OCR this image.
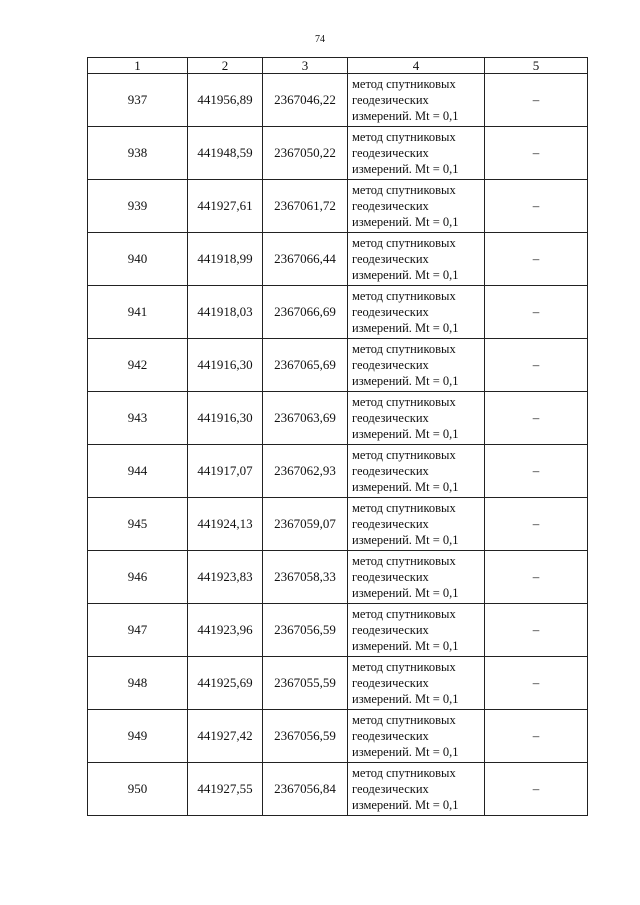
74
1	2	3	4	5
937	441956,89	2367046,22	метод спутниковых
геодезических
измерений. Mt = 0,1	–
938	441948,59	2367050,22	метод спутниковых
геодезических
измерений. Mt = 0,1	–
939	441927,61	2367061,72	метод спутниковых
геодезических
измерений. Mt = 0,1	–
940	441918,99	2367066,44	метод спутниковых
геодезических
измерений. Mt = 0,1	–
941	441918,03	2367066,69	метод спутниковых
геодезических
измерений. Mt = 0,1	–
942	441916,30	2367065,69	метод спутниковых
геодезических
измерений. Mt = 0,1	–
943	441916,30	2367063,69	метод спутниковых
геодезических
измерений. Mt = 0,1	–
944	441917,07	2367062,93	метод спутниковых
геодезических
измерений. Mt = 0,1	–
945	441924,13	2367059,07	метод спутниковых
геодезических
измерений. Mt = 0,1	–
946	441923,83	2367058,33	метод спутниковых
геодезических
измерений. Mt = 0,1	–
947	441923,96	2367056,59	метод спутниковых
геодезических
измерений. Mt = 0,1	–
948	441925,69	2367055,59	метод спутниковых
геодезических
измерений. Mt = 0,1	–
949	441927,42	2367056,59	метод спутниковых
геодезических
измерений. Mt = 0,1	–
950	441927,55	2367056,84	метод спутниковых
геодезических
измерений. Mt = 0,1	–
